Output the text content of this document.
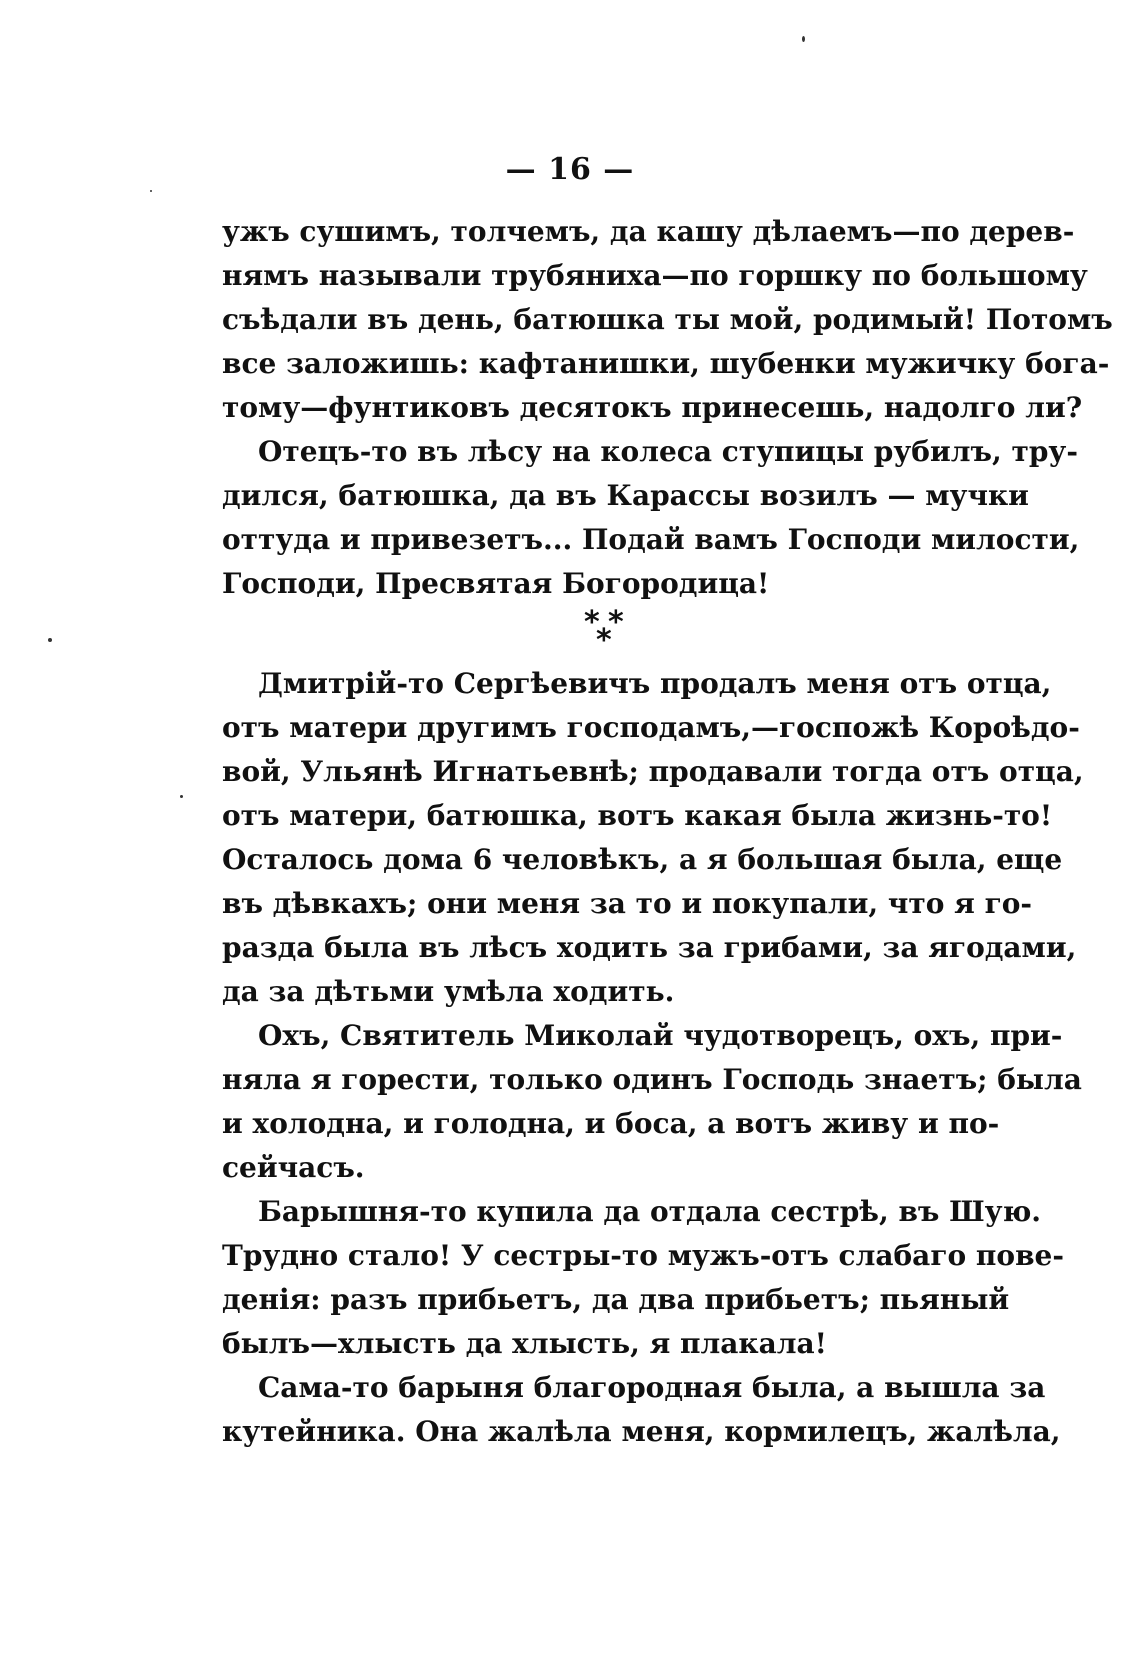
— 16 —
ужъ сушимъ, толчемъ, да кашу дѣлаемъ—по дерев-
нямъ называли трубяниха—по горшку по большому
съѣдали въ день, батюшка ты мой, родимый! Потомъ
все заложишь: кафтанишки, шубенки мужичку бога-
тому—фунтиковъ десятокъ принесешь, надолго ли?
Отецъ-то въ лѣсу на колеса ступицы рубилъ, тру-
дился, батюшка, да въ Карассы возилъ — мучки
оттуда и привезетъ... Подай вамъ Господи милости,
Господи, Пресвятая Богородица!
* *
*
Дмитрій-то Сергѣевичъ продалъ меня отъ отца,
отъ матери другимъ господамъ,—госпожѣ Короѣдо-
вой, Ульянѣ Игнатьевнѣ; продавали тогда отъ отца,
отъ матери, батюшка, вотъ какая была жизнь-то!
Осталось дома 6 человѣкъ, а я большая была, еще
въ дѣвкахъ; они меня за то и покупали, что я го-
разда была въ лѣсъ ходить за грибами, за ягодами,
да за дѣтьми умѣла ходить.
Охъ, Святитель Миколай чудотворецъ, охъ, при-
няла я горести, только одинъ Господь знаетъ; была
и холодна, и голодна, и боса, а вотъ живу и по-
сейчасъ.
Барышня-то купила да отдала сестрѣ, въ Шую.
Трудно стало! У сестры-то мужъ-отъ слабаго пове-
денія: разъ прибьетъ, да два прибьетъ; пьяный
былъ—хлысть да хлысть, я плакала!
Сама-то барыня благородная была, а вышла за
кутейника. Она жалѣла меня, кормилецъ, жалѣла,
